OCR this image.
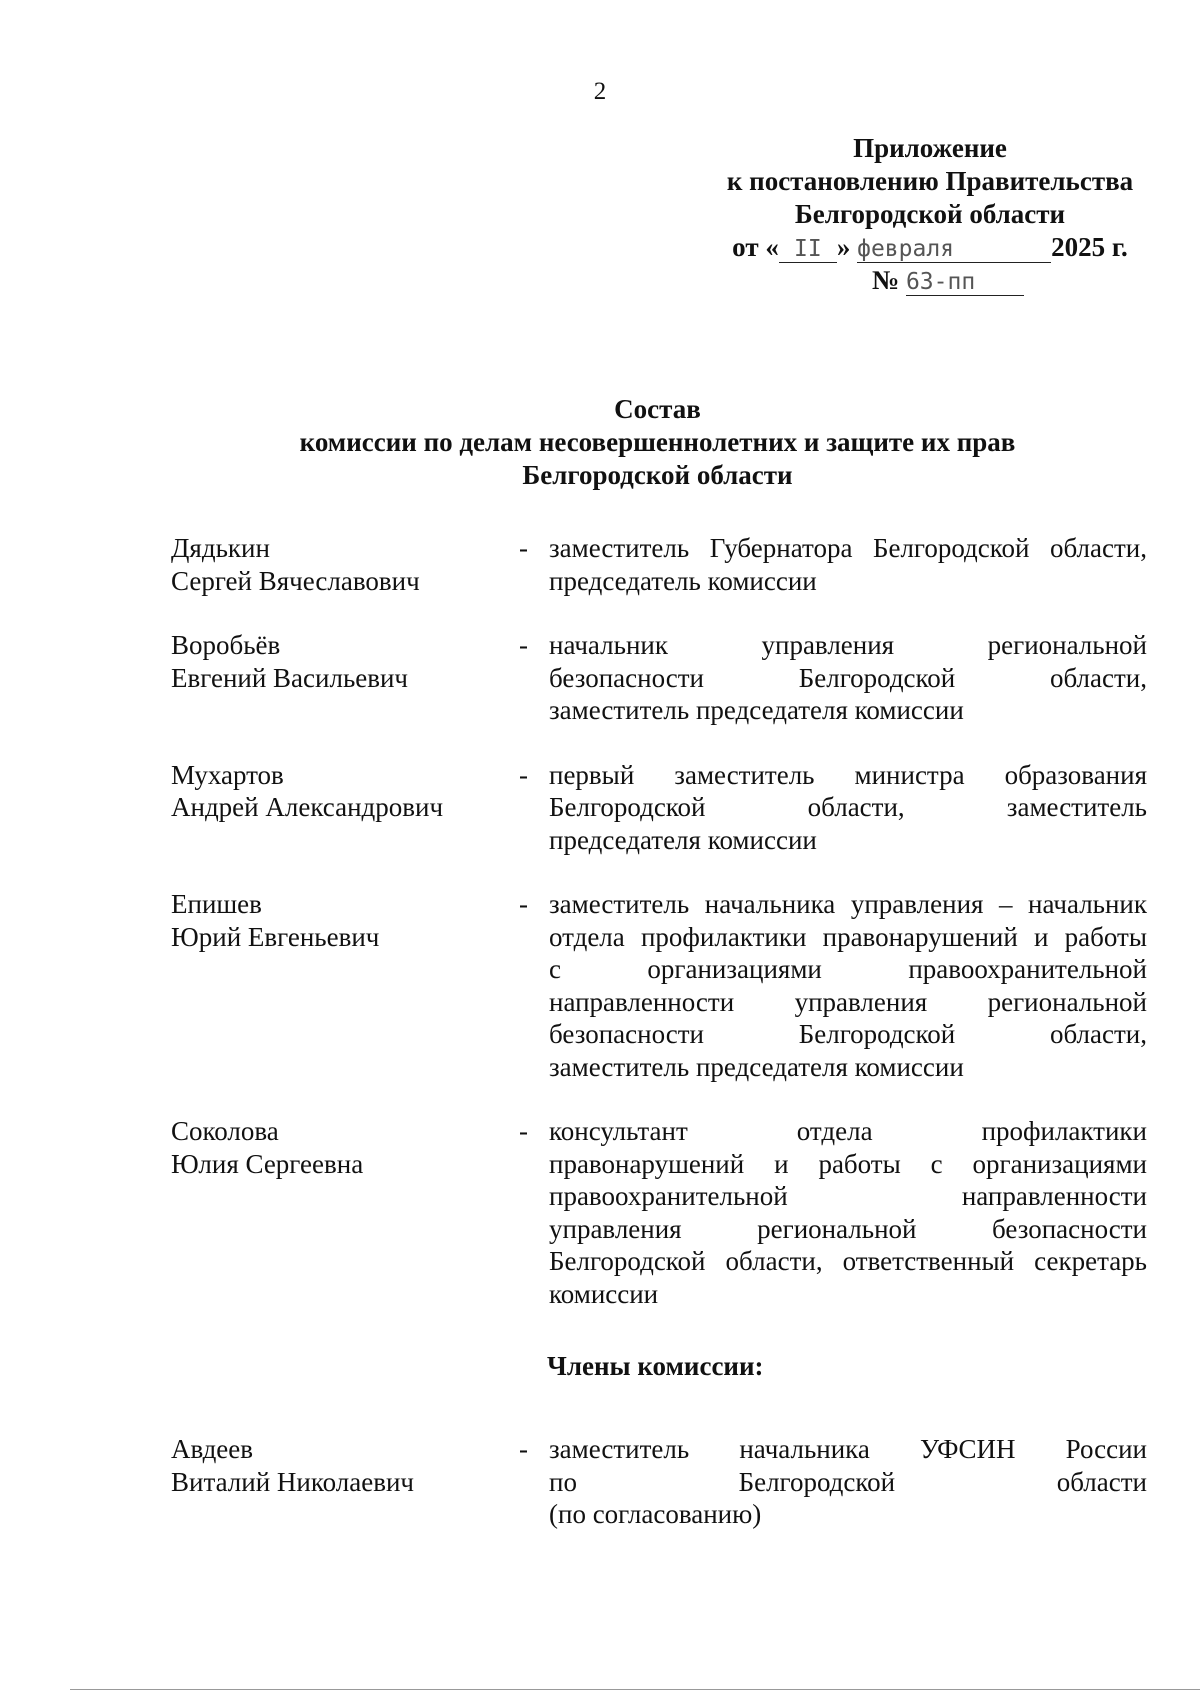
2
Приложение
к постановлению Правительства
Белгородской области
от « II » февраля	2025 г.
№ 63-пп
Состав
комиссии по делам несовершеннолетних и защите их прав
Белгородской области
Дядькин
Сергей Вячеславович
- заместитель Губернатора Белгородской области,
председатель комиссии
Воробьёв
Евгений Васильевич
- начальник управления региональной
безопасности Белгородской области,
заместитель председателя комиссии
Мухартов
Андрей Александрович
- первый заместитель министра образования
Белгородской области, заместитель
председателя комиссии
Епишев
Юрий Евгеньевич
- заместитель начальника управления – начальник
отдела профилактики правонарушений и работы
с организациями правоохранительной
направленности управления региональной
безопасности Белгородской области,
заместитель председателя комиссии
Соколова
Юлия Сергеевна
- консультант отдела профилактики
правонарушений и работы с организациями
правоохранительной направленности
управления региональной безопасности
Белгородской области, ответственный секретарь
комиссии
Члены комиссии:
Авдеев
Виталий Николаевич
- заместитель начальника УФСИН России
по Белгородской области
(по согласованию)
